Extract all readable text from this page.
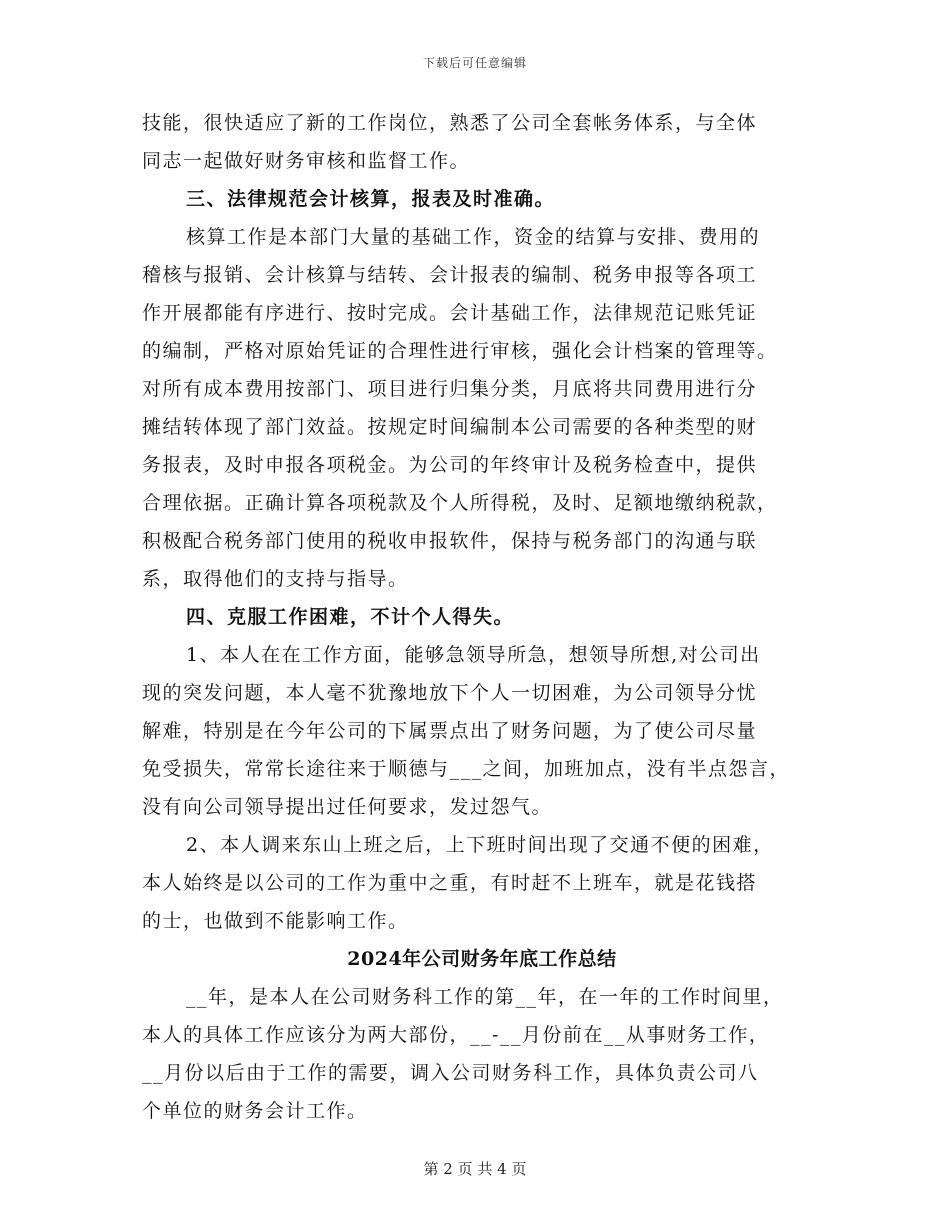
下载后可任意编辑
技能，很快适应了新的工作岗位，熟悉了公司全套帐务体系，与全体
同志一起做好财务审核和监督工作。
三、法律规范会计核算，报表及时准确。
核算工作是本部门大量的基础工作，资金的结算与安排、费用的
稽核与报销、会计核算与结转、会计报表的编制、税务申报等各项工
作开展都能有序进行、按时完成。会计基础工作，法律规范记账凭证
的编制，严格对原始凭证的合理性进行审核，强化会计档案的管理等。
对所有成本费用按部门、项目进行归集分类，月底将共同费用进行分
摊结转体现了部门效益。按规定时间编制本公司需要的各种类型的财
务报表，及时申报各项税金。为公司的年终审计及税务检查中，提供
合理依据。正确计算各项税款及个人所得税，及时、足额地缴纳税款，
积极配合税务部门使用的税收申报软件，保持与税务部门的沟通与联
系，取得他们的支持与指导。
四、克服工作困难，不计个人得失。
1、本人在在工作方面，能够急领导所急，想领导所想,对公司出
现的突发问题，本人毫不犹豫地放下个人一切困难，为公司领导分忧
解难，特别是在今年公司的下属票点出了财务问题，为了使公司尽量
免受损失，常常长途往来于顺德与___之间，加班加点，没有半点怨言，
没有向公司领导提出过任何要求，发过怨气。
2、本人调来东山上班之后，上下班时间出现了交通不便的困难，
本人始终是以公司的工作为重中之重，有时赶不上班车，就是花钱搭
的士，也做到不能影响工作。
2024年公司财务年底工作总结
__年，是本人在公司财务科工作的第__年，在一年的工作时间里，
本人的具体工作应该分为两大部份，__-__月份前在__从事财务工作，
__月份以后由于工作的需要，调入公司财务科工作，具体负责公司八
个单位的财务会计工作。
第 2 页 共 4 页
